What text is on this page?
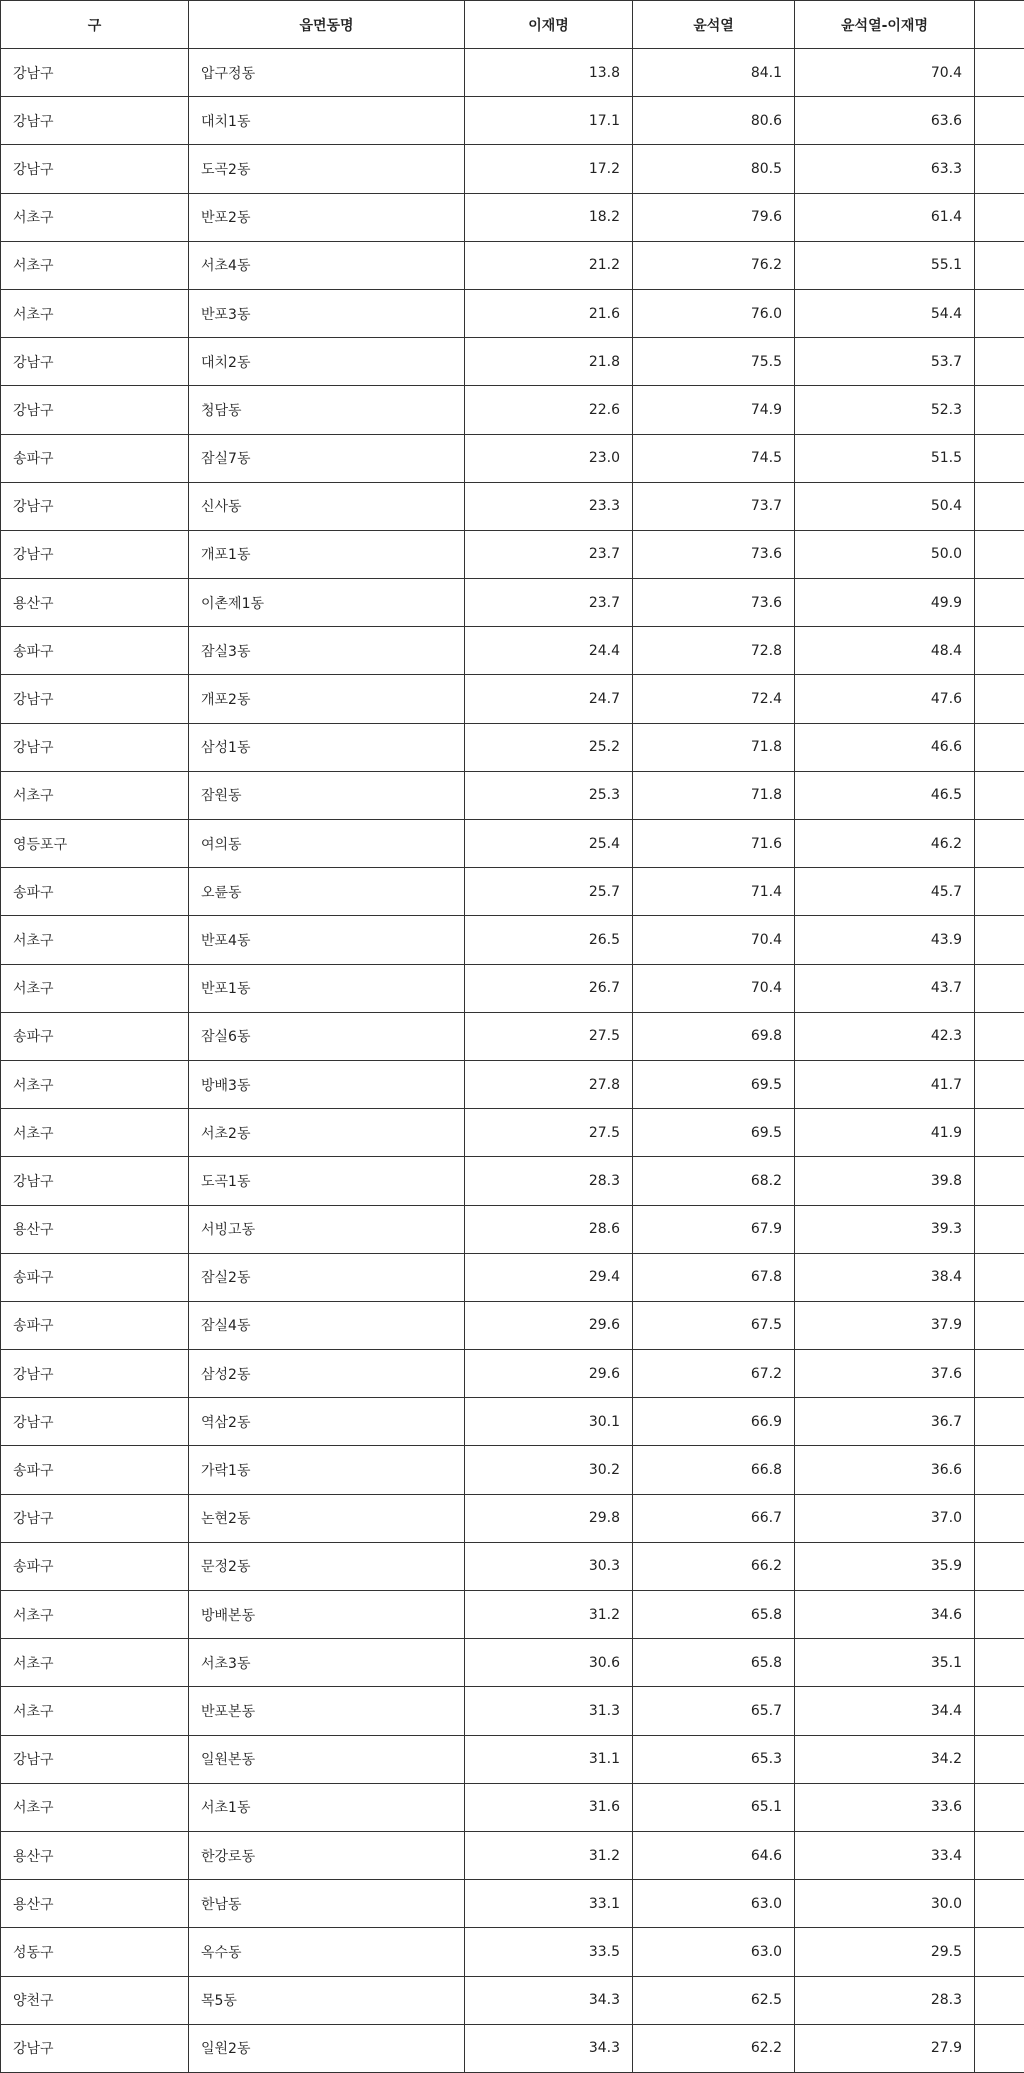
구	읍면동명	이재명	윤석열	윤석열-이재명	
강남구	압구정동	13.8	84.1	70.4	
강남구	대치1동	17.1	80.6	63.6	
강남구	도곡2동	17.2	80.5	63.3	
서초구	반포2동	18.2	79.6	61.4	
서초구	서초4동	21.2	76.2	55.1	
서초구	반포3동	21.6	76.0	54.4	
강남구	대치2동	21.8	75.5	53.7	
강남구	청담동	22.6	74.9	52.3	
송파구	잠실7동	23.0	74.5	51.5	
강남구	신사동	23.3	73.7	50.4	
강남구	개포1동	23.7	73.6	50.0	
용산구	이촌제1동	23.7	73.6	49.9	
송파구	잠실3동	24.4	72.8	48.4	
강남구	개포2동	24.7	72.4	47.6	
강남구	삼성1동	25.2	71.8	46.6	
서초구	잠원동	25.3	71.8	46.5	
영등포구	여의동	25.4	71.6	46.2	
송파구	오륜동	25.7	71.4	45.7	
서초구	반포4동	26.5	70.4	43.9	
서초구	반포1동	26.7	70.4	43.7	
송파구	잠실6동	27.5	69.8	42.3	
서초구	방배3동	27.8	69.5	41.7	
서초구	서초2동	27.5	69.5	41.9	
강남구	도곡1동	28.3	68.2	39.8	
용산구	서빙고동	28.6	67.9	39.3	
송파구	잠실2동	29.4	67.8	38.4	
송파구	잠실4동	29.6	67.5	37.9	
강남구	삼성2동	29.6	67.2	37.6	
강남구	역삼2동	30.1	66.9	36.7	
송파구	가락1동	30.2	66.8	36.6	
강남구	논현2동	29.8	66.7	37.0	
송파구	문정2동	30.3	66.2	35.9	
서초구	방배본동	31.2	65.8	34.6	
서초구	서초3동	30.6	65.8	35.1	
서초구	반포본동	31.3	65.7	34.4	
강남구	일원본동	31.1	65.3	34.2	
서초구	서초1동	31.6	65.1	33.6	
용산구	한강로동	31.2	64.6	33.4	
용산구	한남동	33.1	63.0	30.0	
성동구	옥수동	33.5	63.0	29.5	
양천구	목5동	34.3	62.5	28.3	
강남구	일원2동	34.3	62.2	27.9	
